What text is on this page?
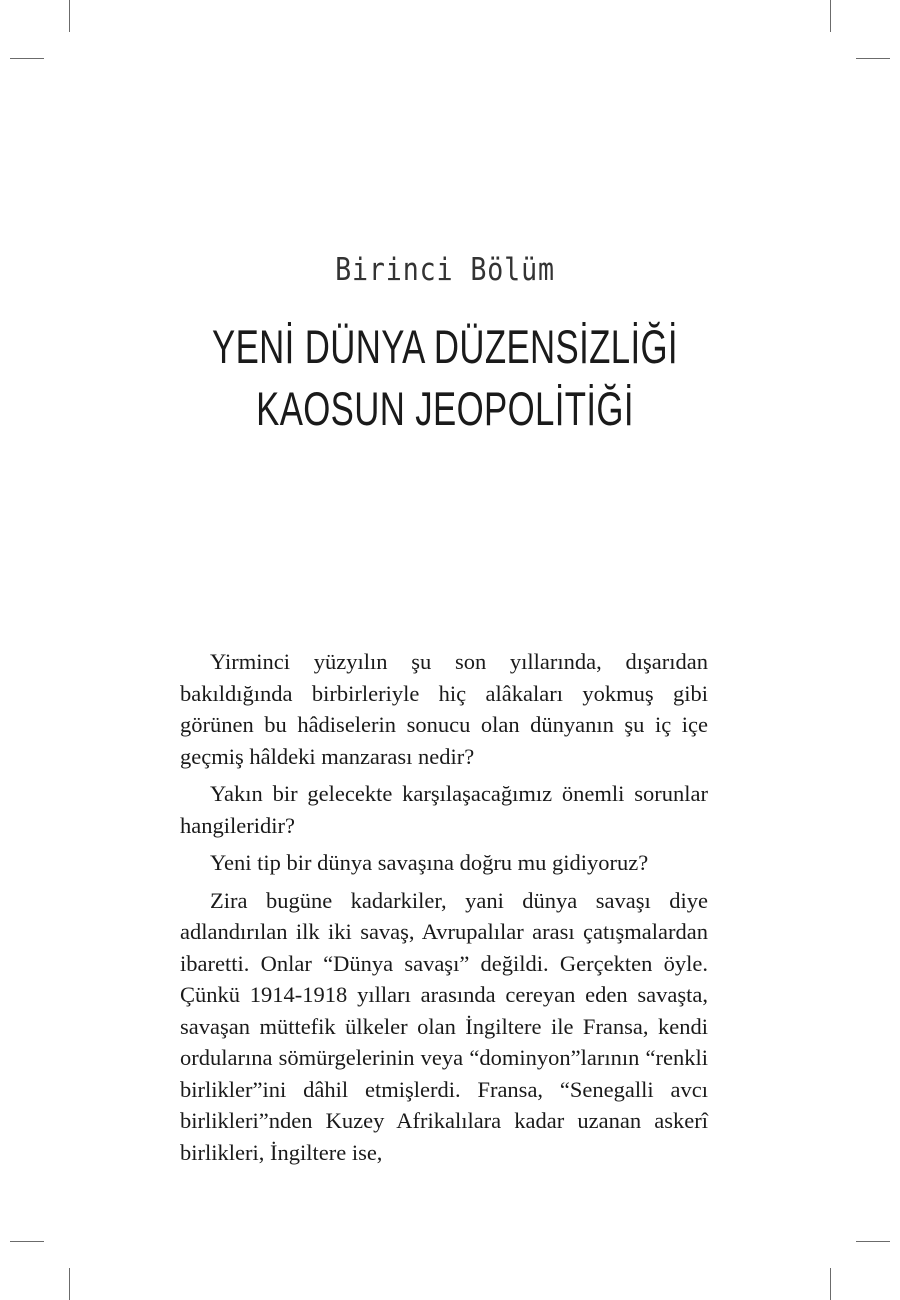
Birinci Bölüm
YENİ DÜNYA DÜZENSİZLİĞİ
KAOSUN JEOPOLİTİĞİ

Yirminci yüzyılın şu son yıllarında, dışarıdan bakıldığında birbirleriyle hiç alâkaları yokmuş gibi görünen bu hâdiselerin sonucu olan dünyanın şu iç içe geçmiş hâldeki manzarası nedir?

Yakın bir gelecekte karşılaşacağımız önemli sorunlar hangileridir?

Yeni tip bir dünya savaşına doğru mu gidiyoruz?

Zira bugüne kadarkiler, yani dünya savaşı diye adlandırılan ilk iki savaş, Avrupalılar arası çatışmalardan ibaretti. Onlar “Dünya savaşı” değildi. Gerçekten öyle. Çünkü 1914-1918 yılları arasında cereyan eden savaşta, savaşan müttefik ülkeler olan İngiltere ile Fransa, kendi ordularına sömürgelerinin veya “dominyon”larının “renkli birlikler”ini dâhil etmişlerdi. Fransa, “Senegalli avcı birlikleri”nden Kuzey Afrikalılara kadar uzanan askerî birlikleri, İngiltere ise,
